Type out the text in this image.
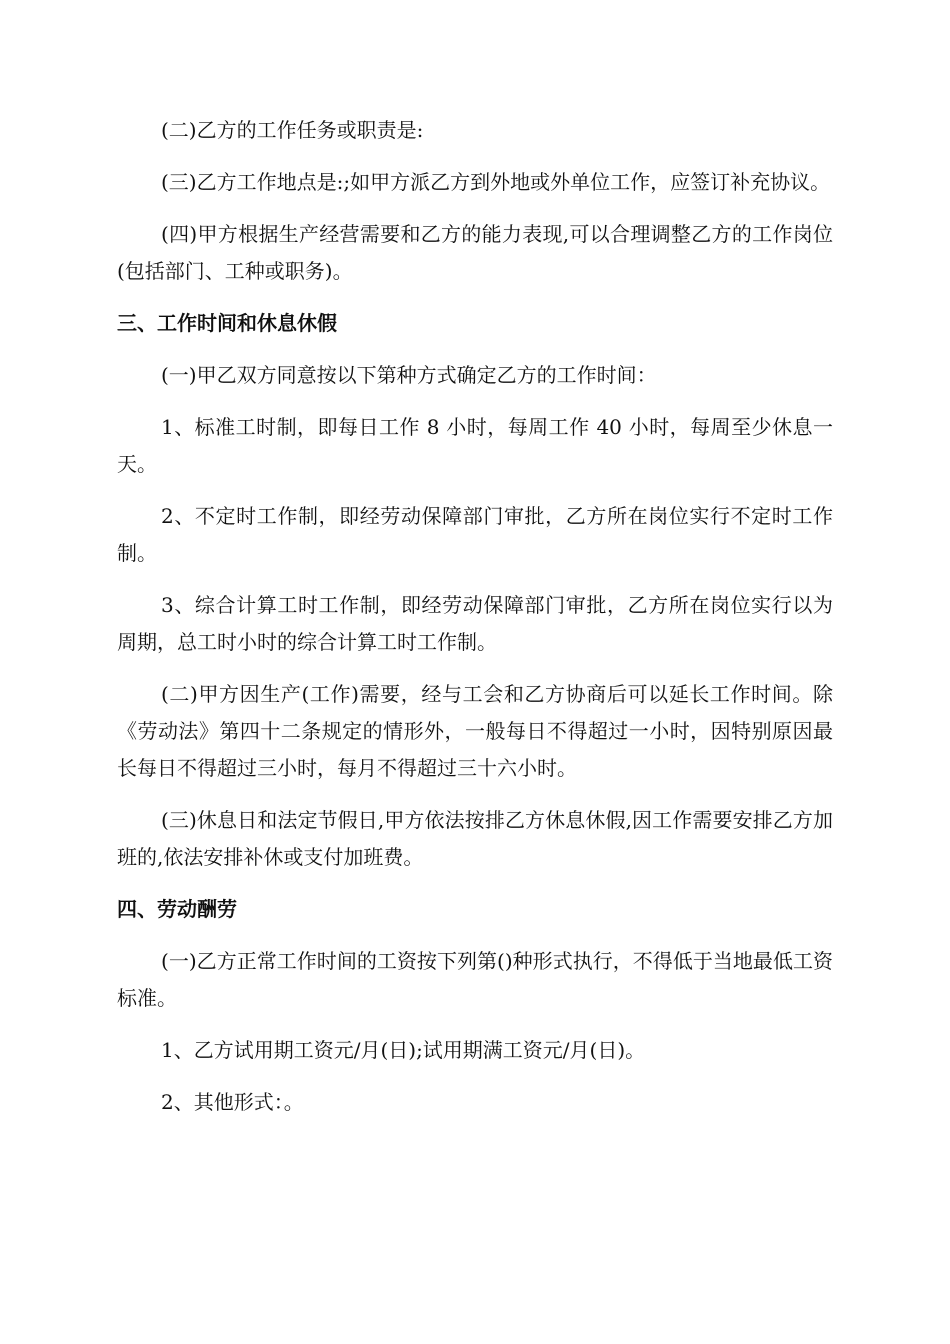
(二)乙方的工作任务或职责是:

(三)乙方工作地点是:;如甲方派乙方到外地或外单位工作，应签订补充协议。

(四)甲方根据生产经营需要和乙方的能力表现,可以合理调整乙方的工作岗位(包括部门、工种或职务)。

三、工作时间和休息休假

(一)甲乙双方同意按以下第种方式确定乙方的工作时间：

1、标准工时制，即每日工作 8 小时，每周工作 40 小时，每周至少休息一天。

2、不定时工作制，即经劳动保障部门审批，乙方所在岗位实行不定时工作制。

3、综合计算工时工作制，即经劳动保障部门审批，乙方所在岗位实行以为周期，总工时小时的综合计算工时工作制。

(二)甲方因生产(工作)需要，经与工会和乙方协商后可以延长工作时间。除《劳动法》第四十二条规定的情形外，一般每日不得超过一小时，因特别原因最长每日不得超过三小时，每月不得超过三十六小时。

(三)休息日和法定节假日,甲方依法按排乙方休息休假,因工作需要安排乙方加班的,依法安排补休或支付加班费。

四、劳动酬劳

(一)乙方正常工作时间的工资按下列第()种形式执行，不得低于当地最低工资标准。

1、乙方试用期工资元/月(日);试用期满工资元/月(日)。

2、其他形式：。
